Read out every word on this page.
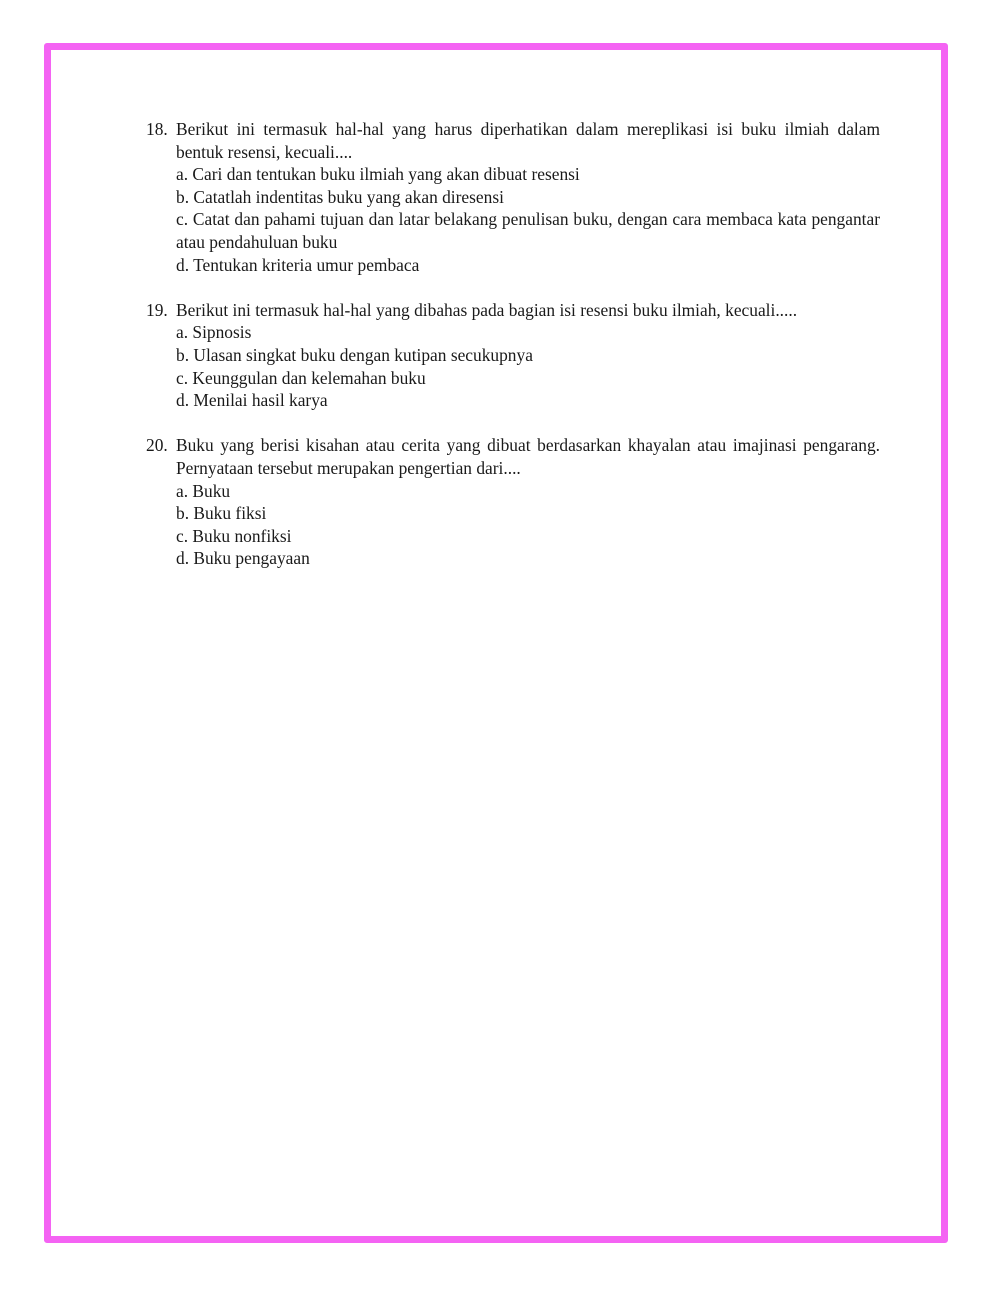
18. Berikut ini termasuk hal-hal yang harus diperhatikan dalam mereplikasi isi buku ilmiah dalam bentuk resensi, kecuali....
a. Cari dan tentukan buku ilmiah yang akan dibuat resensi
b. Catatlah indentitas buku yang akan diresensi
c. Catat dan pahami tujuan dan latar belakang penulisan buku, dengan cara membaca kata pengantar atau pendahuluan buku
d. Tentukan kriteria umur pembaca
19. Berikut ini termasuk hal-hal yang dibahas pada bagian isi resensi buku ilmiah, kecuali.....
a. Sipnosis
b. Ulasan singkat buku dengan kutipan secukupnya
c. Keunggulan dan kelemahan buku
d. Menilai hasil karya
20. Buku yang berisi kisahan atau cerita yang dibuat berdasarkan khayalan atau imajinasi pengarang. Pernyataan tersebut merupakan pengertian dari....
a. Buku
b. Buku fiksi
c. Buku nonfiksi
d. Buku pengayaan
